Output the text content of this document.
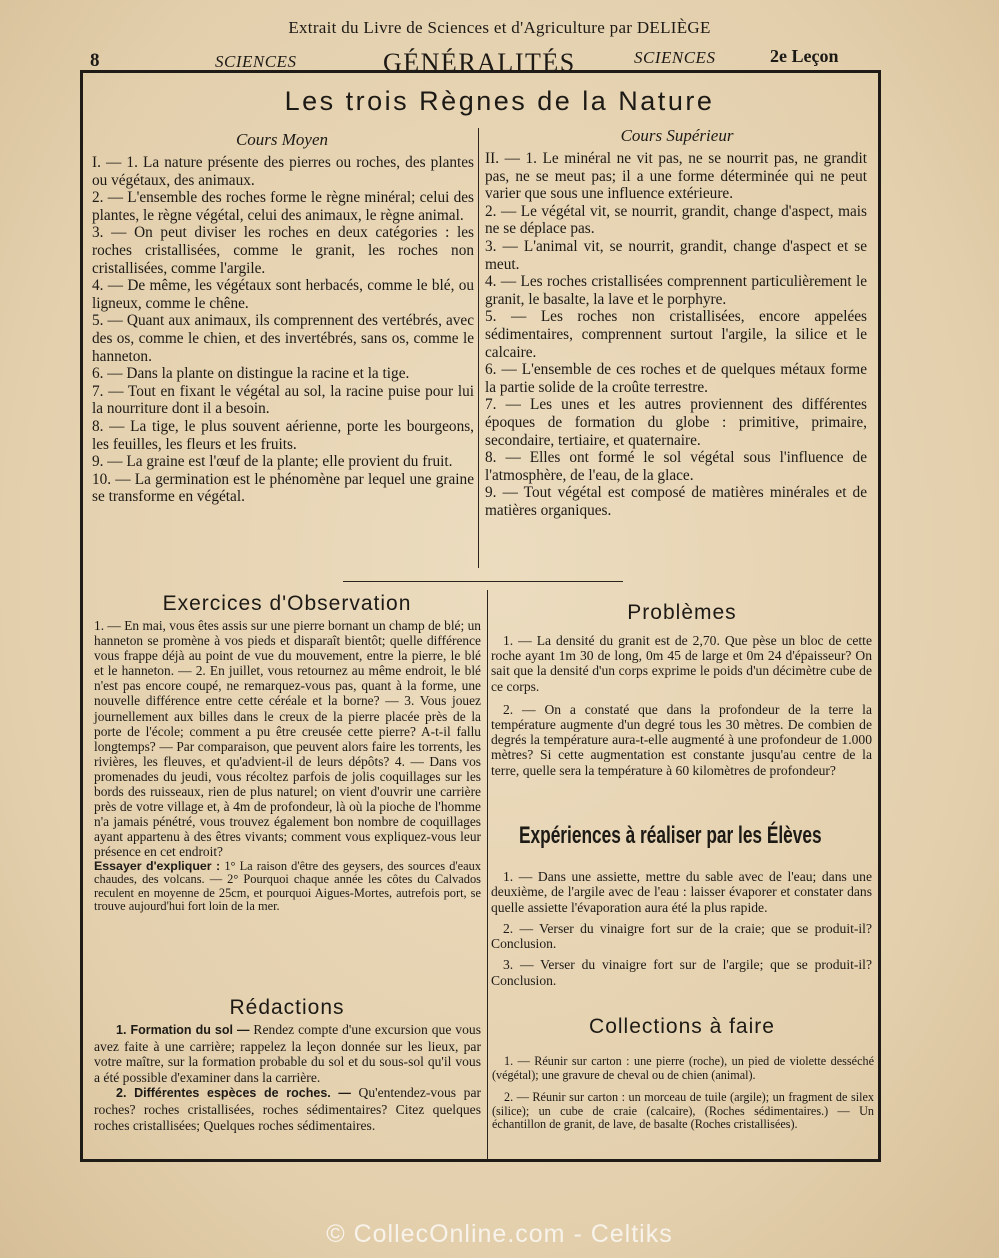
Extrait du Livre de Sciences et d'Agriculture par DELIÈGE
8	SCIENCES	GÉNÉRALITÉS	SCIENCES	2e Leçon
Les trois Règnes de la Nature
Cours Moyen

I. — 1. La nature présente des pierres ou roches, des plantes ou végétaux, des animaux.

2. — L'ensemble des roches forme le règne minéral; celui des plantes, le règne végétal, celui des animaux, le règne animal.

3. — On peut diviser les roches en deux catégories : les roches cristallisées, comme le granit, les roches non cristallisées, comme l'argile.

4. — De même, les végétaux sont herbacés, comme le blé, ou ligneux, comme le chêne.

5. — Quant aux animaux, ils comprennent des vertébrés, avec des os, comme le chien, et des invertébrés, sans os, comme le hanneton.

6. — Dans la plante on distingue la racine et la tige.

7. — Tout en fixant le végétal au sol, la racine puise pour lui la nourriture dont il a besoin.

8. — La tige, le plus souvent aérienne, porte les bourgeons, les feuilles, les fleurs et les fruits.

9. — La graine est l'œuf de la plante; elle provient du fruit.

10. — La germination est le phénomène par lequel une graine se transforme en végétal.

Cours Supérieur

II. — 1. Le minéral ne vit pas, ne se nourrit pas, ne grandit pas, ne se meut pas; il a une forme déterminée qui ne peut varier que sous une influence extérieure.

2. — Le végétal vit, se nourrit, grandit, change d'aspect, mais ne se déplace pas.

3. — L'animal vit, se nourrit, grandit, change d'aspect et se meut.

4. — Les roches cristallisées comprennent particulièrement le granit, le basalte, la lave et le porphyre.

5. — Les roches non cristallisées, encore appelées sédimentaires, comprennent surtout l'argile, la silice et le calcaire.

6. — L'ensemble de ces roches et de quelques métaux forme la partie solide de la croûte terrestre.

7. — Les unes et les autres proviennent des différentes époques de formation du globe : primitive, primaire, secondaire, tertiaire, et quaternaire.

8. — Elles ont formé le sol végétal sous l'influence de l'atmosphère, de l'eau, de la glace.

9. — Tout végétal est composé de matières minérales et de matières organiques.

Exercices d'Observation

1. — En mai, vous êtes assis sur une pierre bornant un champ de blé; un hanneton se promène à vos pieds et disparaît bientôt; quelle différence vous frappe déjà au point de vue du mouvement, entre la pierre, le blé et le hanneton. — 2. En juillet, vous retournez au même endroit, le blé n'est pas encore coupé, ne remarquez-vous pas, quant à la forme, une nouvelle différence entre cette céréale et la borne? — 3. Vous jouez journellement aux billes dans le creux de la pierre placée près de la porte de l'école; comment a pu être creusée cette pierre? A-t-il fallu longtemps? — Par comparaison, que peuvent alors faire les torrents, les rivières, les fleuves, et qu'advient-il de leurs dépôts? 4. — Dans vos promenades du jeudi, vous récoltez parfois de jolis coquillages sur les bords des ruisseaux, rien de plus naturel; on vient d'ouvrir une carrière près de votre village et, à 4m de profondeur, là où la pioche de l'homme n'a jamais pénétré, vous trouvez également bon nombre de coquillages ayant appartenu à des êtres vivants; comment vous expliquez-vous leur présence en cet endroit?

Essayer d'expliquer : 1° La raison d'être des geysers, des sources d'eaux chaudes, des volcans. — 2° Pourquoi chaque année les côtes du Calvados reculent en moyenne de 25cm, et pourquoi Aigues-Mortes, autrefois port, se trouve aujourd'hui fort loin de la mer.

Rédactions

1. Formation du sol — Rendez compte d'une excursion que vous avez faite à une carrière; rappelez la leçon donnée sur les lieux, par votre maître, sur la formation probable du sol et du sous-sol qu'il vous a été possible d'examiner dans la carrière.

2. Différentes espèces de roches. — Qu'entendez-vous par roches? roches cristallisées, roches sédimentaires? Citez quelques roches cristallisées; Quelques roches sédimentaires.

Problèmes

1. — La densité du granit est de 2,70. Que pèse un bloc de cette roche ayant 1m 30 de long, 0m 45 de large et 0m 24 d'épaisseur? On sait que la densité d'un corps exprime le poids d'un décimètre cube de ce corps.

2. — On a constaté que dans la profondeur de la terre la température augmente d'un degré tous les 30 mètres. De combien de degrés la température aura-t-elle augmenté à une profondeur de 1.000 mètres? Si cette augmentation est constante jusqu'au centre de la terre, quelle sera la température à 60 kilomètres de profondeur?

Expériences à réaliser par les Élèves

1. — Dans une assiette, mettre du sable avec de l'eau; dans une deuxième, de l'argile avec de l'eau : laisser évaporer et constater dans quelle assiette l'évaporation aura été la plus rapide.

2. — Verser du vinaigre fort sur de la craie; que se produit-il? Conclusion.

3. — Verser du vinaigre fort sur de l'argile; que se produit-il? Conclusion.

Collections à faire

1. — Réunir sur carton : une pierre (roche), un pied de violette desséché (végétal); une gravure de cheval ou de chien (animal).

2. — Réunir sur carton : un morceau de tuile (argile); un fragment de silex (silice); un cube de craie (calcaire), (Roches sédimentaires.) — Un échantillon de granit, de lave, de basalte (Roches cristallisées).

© CollecOnline.com - Celtiks
